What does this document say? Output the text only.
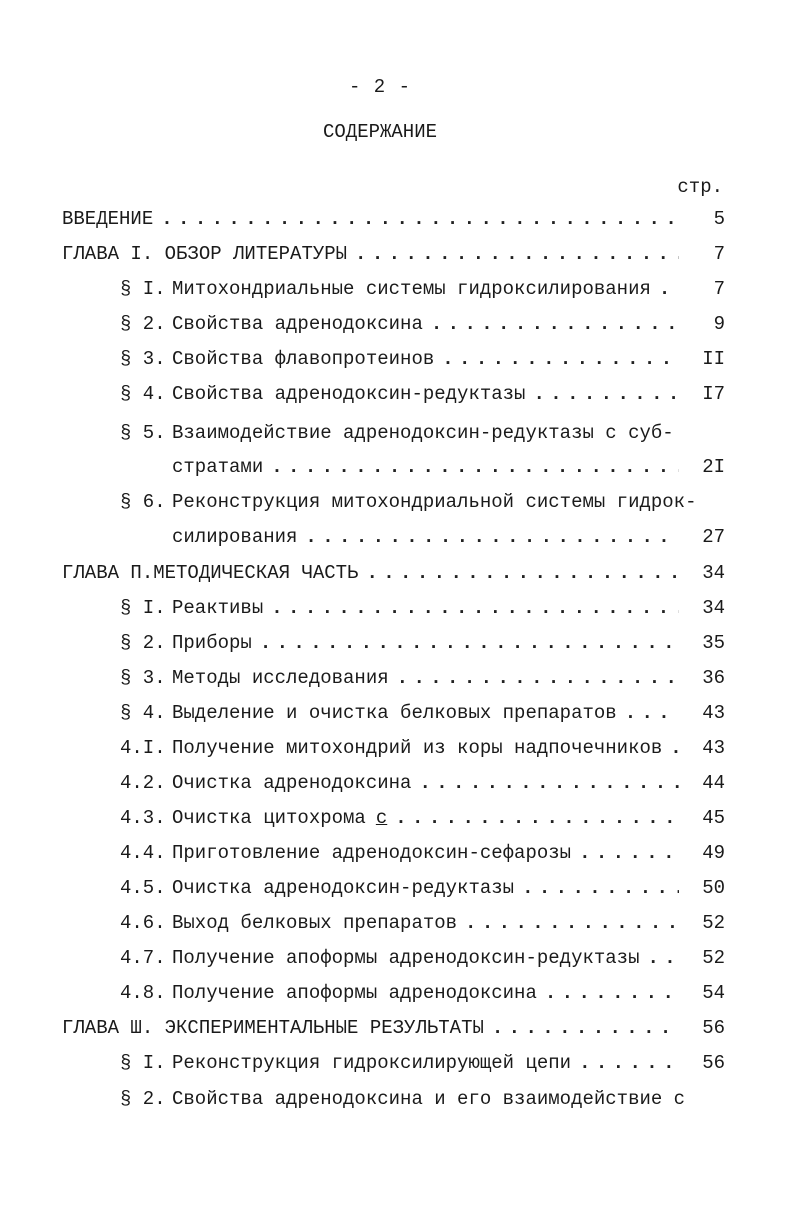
- 2 -
СОДЕРЖАНИЕ
стр.
ВВЕДЕНИЕ . . .	5
ГЛАВА I. ОБЗОР ЛИТЕРАТУРЫ . . .	7
§ I. Митохондриальные системы гидроксилирования . . .	7
§ 2. Свойства адренодоксина . . .	9
§ 3. Свойства флавопротеинов . . .	II
§ 4. Свойства адренодоксин-редуктазы . . .	I7
§ 5. Взаимодействие адренодоксин-редуктазы с суб-
стратами . . .	2I
§ 6. Реконструкция митохондриальной системы гидрок-
силирования . . .	27
ГЛАВА П.МЕТОДИЧЕСКАЯ ЧАСТЬ . . .	34
§ I. Реактивы . . .	34
§ 2. Приборы . . .	35
§ 3. Методы исследования . . .	36
§ 4. Выделение и очистка белковых препаратов . . .	43
4.I. Получение митохондрий из коры надпочечников . . .	43
4.2. Очистка адренодоксина . . .	44
4.3. Очистка цитохрома с . . .	45
4.4. Приготовление адренодоксин-сефарозы . . .	49
4.5. Очистка адренодоксин-редуктазы . . .	50
4.6. Выход белковых препаратов . . .	52
4.7. Получение апоформы адренодоксин-редуктазы . . .	52
4.8. Получение апоформы адренодоксина . . .	54
ГЛАВА Ш. ЭКСПЕРИМЕНТАЛЬНЫЕ РЕЗУЛЬТАТЫ . . .	56
§ I. Реконструкция гидроксилирующей цепи . . .	56
§ 2. Свойства адренодоксина и его взаимодействие с
